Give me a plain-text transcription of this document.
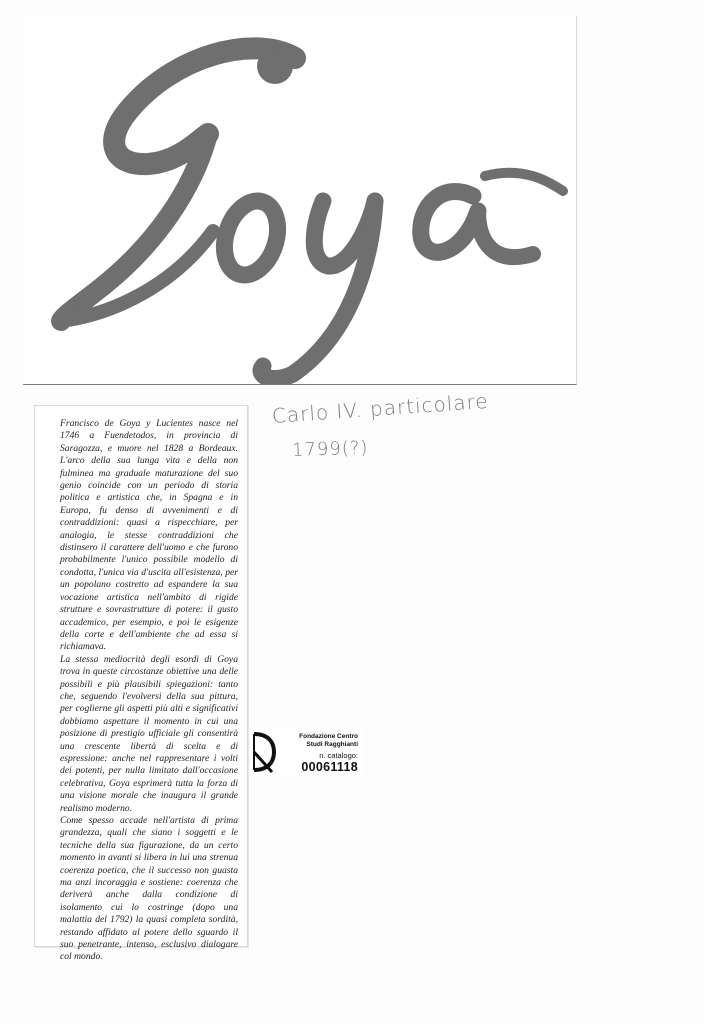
Francisco de Goya y Lucientes nasce nel 1746 a Fuendetodos, in provincia di Saragozza, e muore nel 1828 a Bordeaux. L'arco della sua lunga vita e della non fulminea ma graduale maturazione del suo genio coincide con un periodo di storia politica e artistica che, in Spagna e in Europa, fu denso di avvenimenti e di contraddizioni: quasi a rispecchiare, per analogia, le stesse contraddizioni che distinsero il carattere dell'uomo e che furono probabilmente l'unico possibile modello di condotta, l'unica via d'uscita all'esistenza, per un popolano costretto ad espandere la sua vocazione artistica nell'ambito di rigide strutture e sovrastrutture di potere: il gusto accademico, per esempio, e poi le esigenze della corte e dell'ambiente che ad essa si richiamava.

La stessa mediocrità degli esordi di Goya trova in queste circostanze obiettive una delle possibili e più plausibili spiegazioni: tanto che, seguendo l'evolversi della sua pittura, per coglierne gli aspetti più alti e significativi dobbiamo aspettare il momento in cui una posizione di prestigio ufficiale gli consentirà una crescente libertà di scelta e di espressione: anche nel rappresentare i volti dei potenti, per nulla limitato dall'occasione celebrativa, Goya esprimerà tutta la forza di una visione morale che inaugura il grande realismo moderno.

Come spesso accade nell'artista di prima grandezza, quali che siano i soggetti e le tecniche della sua figurazione, da un certo momento in avanti si libera in lui una strenua coerenza poetica, che il successo non guasta ma anzi incoraggia e sostiene: coerenza che deriverà anche dalla condizione di isolamento cui lo costringe (dopo una malattia del 1792) la quasi completa sordità, restando affidato al potere dello sguardo il suo penetrante, intenso, esclusivo dialogare col mondo.

Carlo IV. particolare
1799(?)
Fondazione Centro
Studi Ragghianti
n. catalogo:
00061118
